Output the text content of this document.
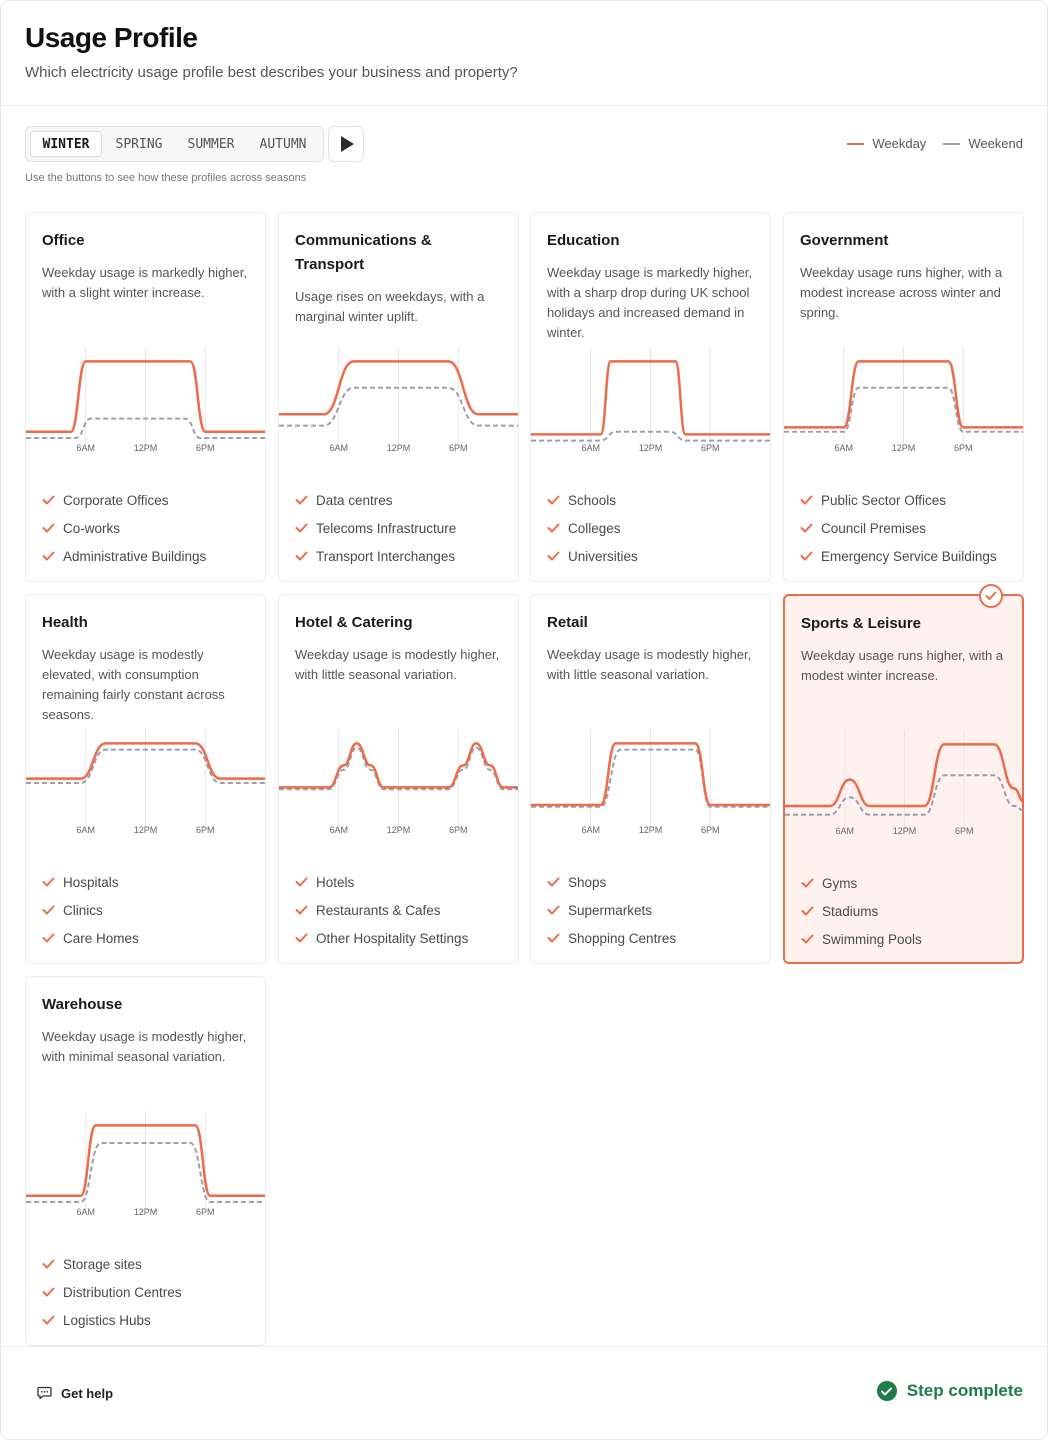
Usage Profile

Which electricity usage profile best describes your business and property?

WINTER	SPRING	SUMMER	AUTUMN
Use the buttons to see how these profiles across seasons
Weekday	Weekend
Office
Weekday usage is markedly higher, with a slight winter increase.
6AM	12PM	6PM
Corporate Offices
Co-works
Administrative Buildings
Communications & Transport
Usage rises on weekdays, with a marginal winter uplift.
6AM	12PM	6PM
Data centres
Telecoms Infrastructure
Transport Interchanges
Education
Weekday usage is markedly higher, with a sharp drop during UK school holidays and increased demand in winter.
6AM	12PM	6PM
Schools
Colleges
Universities
Government
Weekday usage runs higher, with a modest increase across winter and spring.
6AM	12PM	6PM
Public Sector Offices
Council Premises
Emergency Service Buildings
Health
Weekday usage is modestly elevated, with consumption remaining fairly constant across seasons.
6AM	12PM	6PM
Hospitals
Clinics
Care Homes
Hotel & Catering
Weekday usage is modestly higher, with little seasonal variation.
6AM	12PM	6PM
Hotels
Restaurants & Cafes
Other Hospitality Settings
Retail
Weekday usage is modestly higher, with little seasonal variation.
6AM	12PM	6PM
Shops
Supermarkets
Shopping Centres
Sports & Leisure
Weekday usage runs higher, with a modest winter increase.
6AM	12PM	6PM
Gyms
Stadiums
Swimming Pools
Warehouse
Weekday usage is modestly higher, with minimal seasonal variation.
6AM	12PM	6PM
Storage sites
Distribution Centres
Logistics Hubs
Get help	Step complete
